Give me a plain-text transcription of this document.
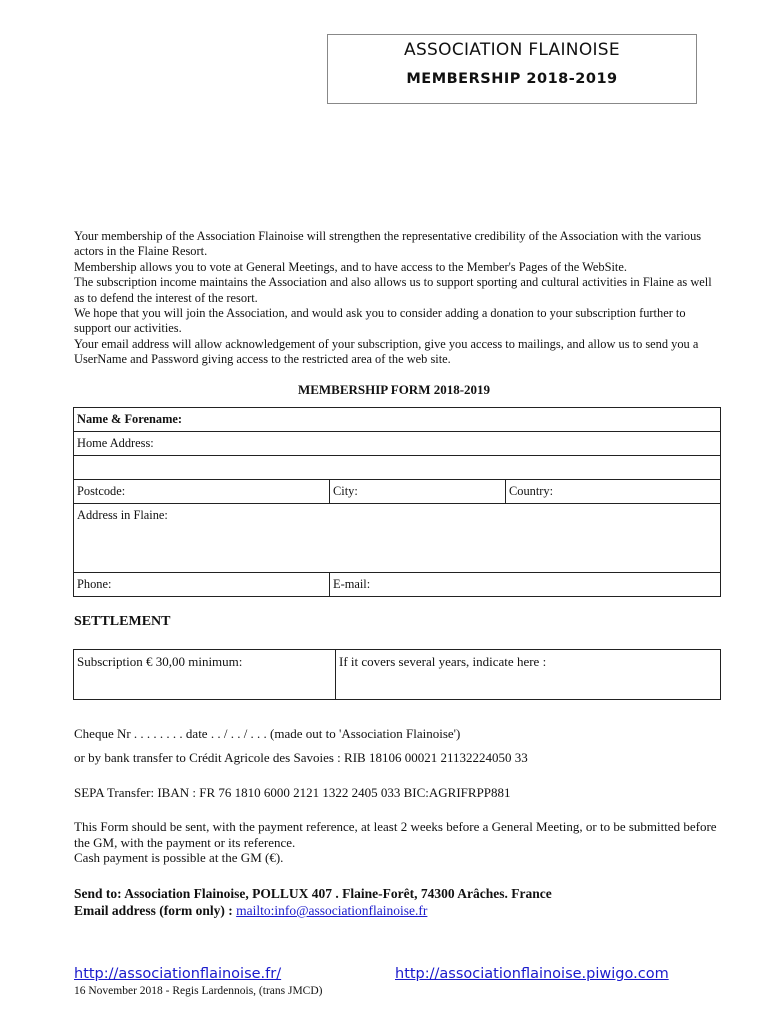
ASSOCIATION FLAINOISE
MEMBERSHIP 2018-2019

Your membership of the Association Flainoise will strengthen the representative credibility of the Association with the various actors in the Flaine Resort.

Membership allows you to vote at General Meetings, and to have access to the Member's Pages of the WebSite.

The subscription income maintains the Association and also allows us to support sporting and cultural activities in Flaine as well as to defend the interest of the resort.

We hope that you will join the Association, and would ask you to consider adding a donation to your subscription further to support our activities.

Your email address will allow acknowledgement of your subscription, give you access to mailings, and allow us to send you a UserName and Password giving access to the restricted area of the web site.

MEMBERSHIP FORM 2018-2019
Name & Forename:		
Home Address:		

Postcode:	City:	Country:
Address in Flaine:		
Phone:	E-mail:	
SETTLEMENT
Subscription € 30,00 minimum:	If it covers several years, indicate here :
Cheque Nr . . . . . . . . date . . / . . / . . . (made out to 'Association Flainoise')
or by bank transfer to Crédit Agricole des Savoies : RIB 18106 00021 21132224050 33
SEPA Transfer: IBAN : FR 76 1810 6000 2121 1322 2405 033 BIC:AGRIFRPP881

This Form should be sent, with the payment reference, at least 2 weeks before a General Meeting, or to be submitted before the GM, with the payment or its reference.

Cash payment is possible at the GM (€).

Send to: Association Flainoise, POLLUX 407 . Flaine-Forêt, 74300 Arâches. France

Email address (form only) : mailto:info@associationflainoise.fr

http://associationflainoise.fr/	http://associationflainoise.piwigo.com
16 November 2018 - Regis Lardennois, (trans JMCD)
